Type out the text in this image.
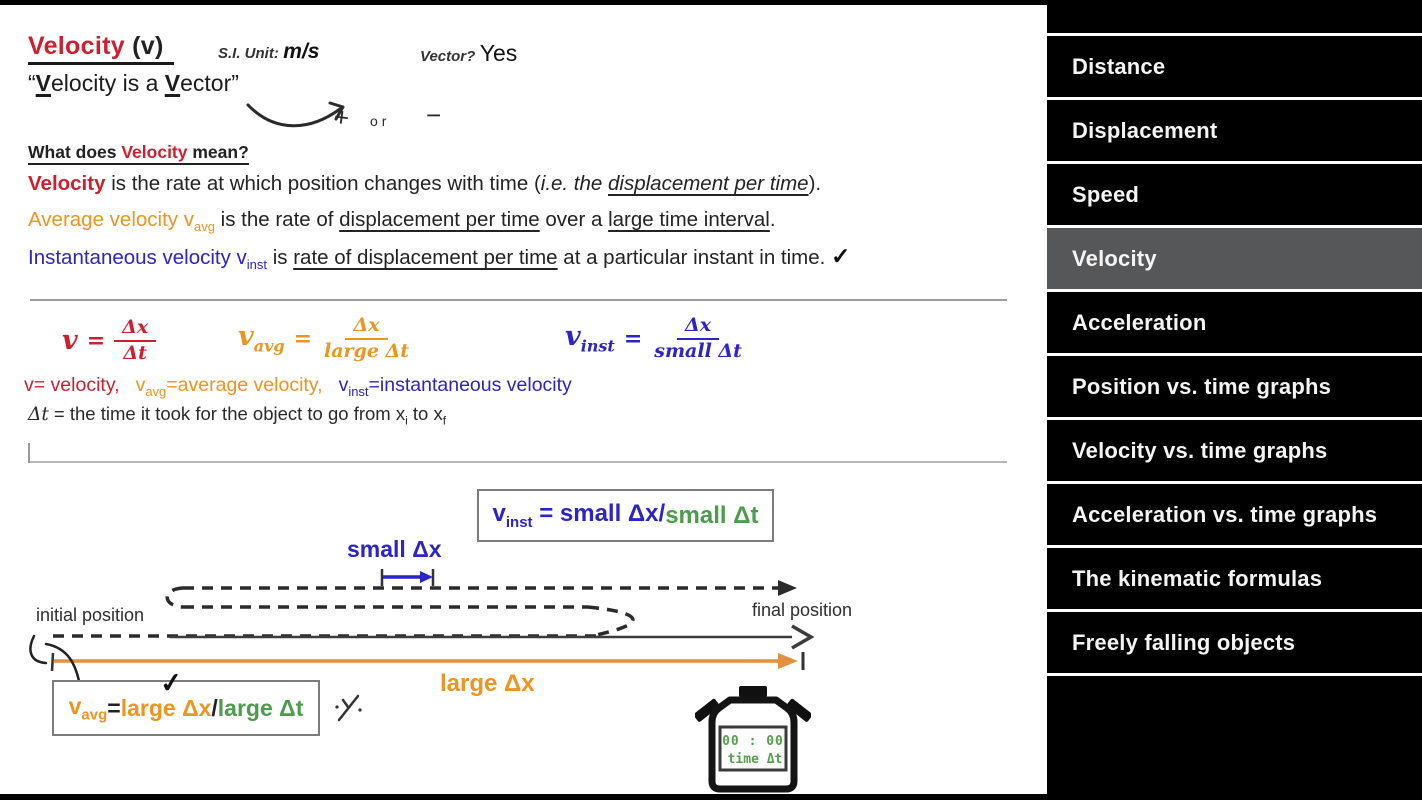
Velocity (v)	S.I. Unit: m/s	Vector? Yes
“Velocity is a Vector”
+ or −
What does Velocity mean?
Velocity is the rate at which position changes with time (i.e. the displacement per time).
Average velocity $v_{avg}$ is the rate of displacement per time over a large time interval.
Instantaneous velocity $v_{inst}$ is rate of displacement per time at a particular instant in time. ✓
$v = \frac{\Delta x}{\Delta t}$	$v_{avg} = \frac{\Delta x}{\text{large Δt}}$	$v_{inst} = \frac{\Delta x}{\text{small Δt}}$
v= velocity, $v_{avg}=average$ velocity, $v_{inst}=instantaneous$ velocity
Δt = the time it took for the object to go from $x_i$ to $x_f$
$v_{inst}$ = small Δx/ small Δt
small Δx
initial position	final position
large Δx
$v_{avg}$ = large Δx / large Δt
✓
00 : 00
time Δt
Distance
Displacement
Speed
Velocity
Acceleration
Position vs. time graphs
Velocity vs. time graphs
Acceleration vs. time graphs
The kinematic formulas
Freely falling objects
